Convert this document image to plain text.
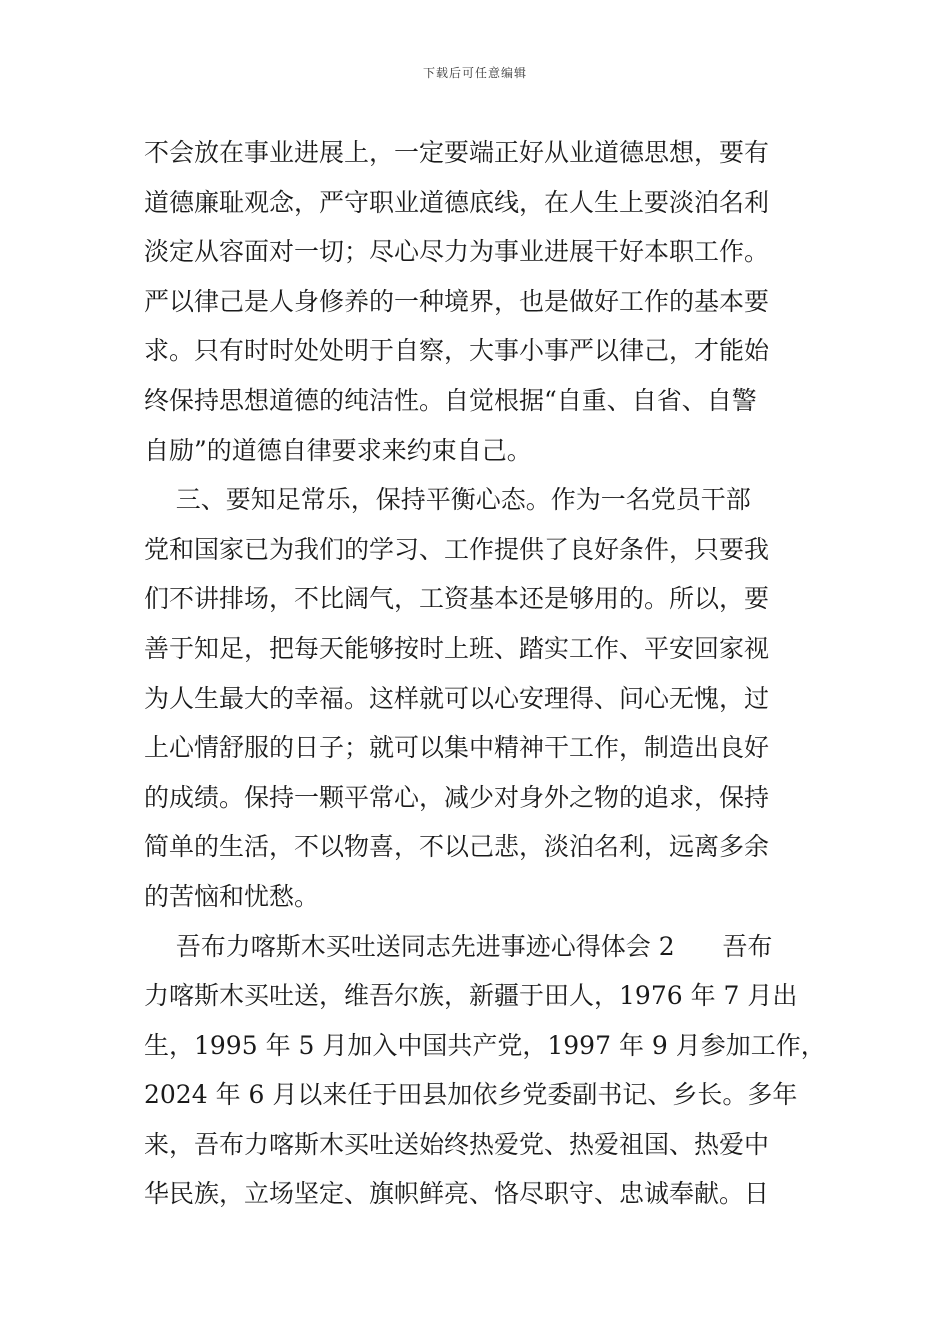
下载后可任意编辑
不会放在事业进展上，一定要端正好从业道德思想，要有
道德廉耻观念，严守职业道德底线，在人生上要淡泊名利
淡定从容面对一切；尽心尽力为事业进展干好本职工作。
严以律己是人身修养的一种境界，也是做好工作的基本要
求。只有时时处处明于自察，大事小事严以律己，才能始
终保持思想道德的纯洁性。自觉根据“自重、自省、自警
自励”的道德自律要求来约束自己。
三、要知足常乐，保持平衡心态。作为一名党员干部
党和国家已为我们的学习、工作提供了良好条件，只要我
们不讲排场，不比阔气，工资基本还是够用的。所以，要
善于知足，把每天能够按时上班、踏实工作、平安回家视
为人生最大的幸福。这样就可以心安理得、问心无愧，过
上心情舒服的日子；就可以集中精神干工作，制造出良好
的成绩。保持一颗平常心，减少对身外之物的追求，保持
简单的生活，不以物喜，不以己悲，淡泊名利，远离多余
的苦恼和忧愁。
吾布力喀斯木买吐送同志先进事迹心得体会 2      吾布
力喀斯木买吐送，维吾尔族，新疆于田人，1976 年 7 月出
生，1995 年 5 月加入中国共产党，1997 年 9 月参加工作，
2024 年 6 月以来任于田县加依乡党委副书记、乡长。多年
来，吾布力喀斯木买吐送始终热爱党、热爱祖国、热爱中
华民族，立场坚定、旗帜鲜亮、恪尽职守、忠诚奉献。日
